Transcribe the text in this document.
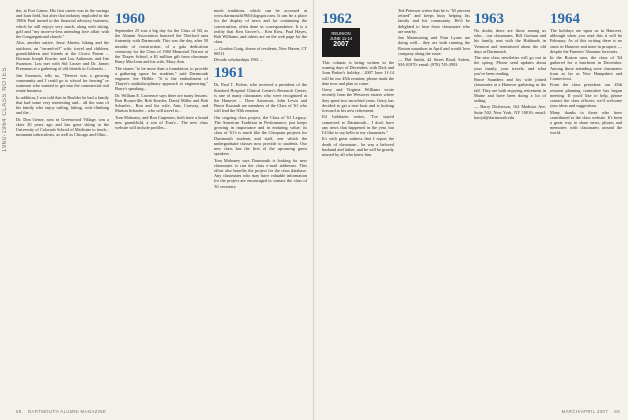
1960-1964 CLASS NOTES

the, at Fort Canon. His first career was in the savings and loan field, but after that industry imploded in the 1980s Paul turned to the financial advisory business, which he still enjoys very much, along with skiing, golf and "my more-or-less unending love affair with the Congregational church."

Also, another native, Jesse Ahrens, hiking and the outdoors, an "on-and-off" wife, travel and children, grandchildren and friends at the Cicero Parent ... Dorman Joseph Ilowite, and Lou Ankerson, and Jim Swanson. Lou met with Sid Lusser and Dr. James Pressman at a gathering of old friends in Colorado...

Jim Swanson, tells us, "Denver was a growing community and I could go to school for fencing" or someone who wanted to get into the commercial real estate business.

In addition, I was told that in Boulder he had a family that had some very interesting and... all the sons of his family who enjoy sailing, hiking, rock-climbing and the...

Dr. Don Geiser, now in Greenwood Village, was a skier 20 years ago and has gone skiing at the University of Colorado School of Medicine to teach... mountain tuberculosis, as well as Chicago and Ohio...

1960

September 25 was a big day for the Class of '60, as the Alumni Association honored the Thetford area fraternity with Dartmouth. This was the day, after 50 months of construction, of a gala dedication ceremony for the Class of 1960 Memorial Terrace at the Thayer School, a $1 million gift from classmate Barry MacLean and his wife, Mary Ann.

The stones "to be more than a foundation, to provide a gathering space for students," said Dartmouth engineer Joe Helble. "It is the embodiment of Thayer's multidisciplinary approach to engineering," Barry's speaking...

Dr. William E. Lawrence says there are many lessons. Ron Rouseville, Bob Keasler, David Miller and Bob Schaefer... Ron and his wife, Ann, Conway, and Marion Schaefer... who will travel to...

Tom Mahoney, and Ron Carpenter, both have a brand new grandchild, a son of Tom's... The new class website will include profiles...

much traditions, which can be accessed at www.dartmouth1960.blogspot.com. It can be a place for the display of news and for continuing the conversation, often done in correspondence. It is a reality that Ken Grover's... Ken Ross, Paul Hayes, Bob Williams, and others are on the web page for the class.

— Gordon Craig, dozen of residents, New Haven, CT 06511

Decade scholarships 1961 ...

1961

Dr. Paul T. Eicher, who received a president of the Stanford Hospital Clinical Center's Research Center, is one of many classmates who were recognized at the Hanover ... Dave Aaronson, John Lewis and Bruce Karstadt are members of the Class of '61 who will lead the 50th reunion.

Our ongoing class project, the Class of '61 Legacy: The American Tradition in Performance, just keeps growing in importance and in enduring value; its class of '61's is much like the Cleopatra projects for Dartmouth students and staff, one which the undergraduate classes now provide to students. Our new class has the first of the upcoming guest speakers.

Tom Mahoney says Dartmouth is looking for new classmates to run the class e-mail addresses. This effort also benefits the project for the class database. Any classmates who may have valuable information for the project are encouraged to contact the class of '61 secretary.

68 DARTMOUTH ALUMNI MAGAZINE
1962
REUNION
JUNE 11-14
2007

This column is being written in the waning days of December, with Dick and Joan Parker's holiday... 2007 June 11-14 will be our 45th reunion; please mark the date now and plan to come.

Gerry and Virginia Williams wrote recently from the Westover estates where they spent two snowbird years. Gerry has decided to get a new boat and is looking forward to his new retirement.

Ed Goldstein writes, "I've stayed connected to Dartmouth... I don't have any news that happened in the year, but I'd like to say hello to my classmates."

It's with great sadness that I report the death of classmate... he was a beloved husband and father, and he will be greatly missed by all who knew him.

Ted Peterson writes that he is "65 percent retired" and keeps busy helping his family and his community. He'd be delighted to hear from classmates who are nearby.

Jan Mainwaring and Fran Lyons are doing well... they are both running the Boston marathon in April and would love company along the route.

— Phil Smith, 42 Street Road, Salem, MA 01970; email: (978) 745-2992

1963

No doubt, there are those among us who... our classmates, Bill Gorman and his family, met with the Hubbards in Vermont and reminisced about the old days at Dartmouth.

The new class newsletter will go out in the spring. Please send updates about your family, your travels, and what you've been reading.

Bruce Saunders and his wife joined classmates at a Hanover gathering in the fall. They are both enjoying retirement in Maine and have been doing a lot of sailing.

— Harry Dickerson, 162 Madison Ave, Suite 502, New York, NY 10016; email: harryd@dartmouth.edu

1964

The holidays are upon us in Hanover, although when you read this it will be February. As of this writing there is no snow in Hanover and none in prospect — despite the Farmers' Almanac forecasts.

In the Boston area, the class of '64 gathered for a luncheon in December. Among those attending were classmates from as far as New Hampshire and Connecticut.

From the class president: our 45th reunion planning committee has begun meeting. If you'd like to help, please contact the class officers; we'd welcome your ideas and suggestions.

Many thanks to those who have contributed to the class website. It's been a great way to share news, photos and memories with classmates around the world.

MARCH/APRIL 2007 69
